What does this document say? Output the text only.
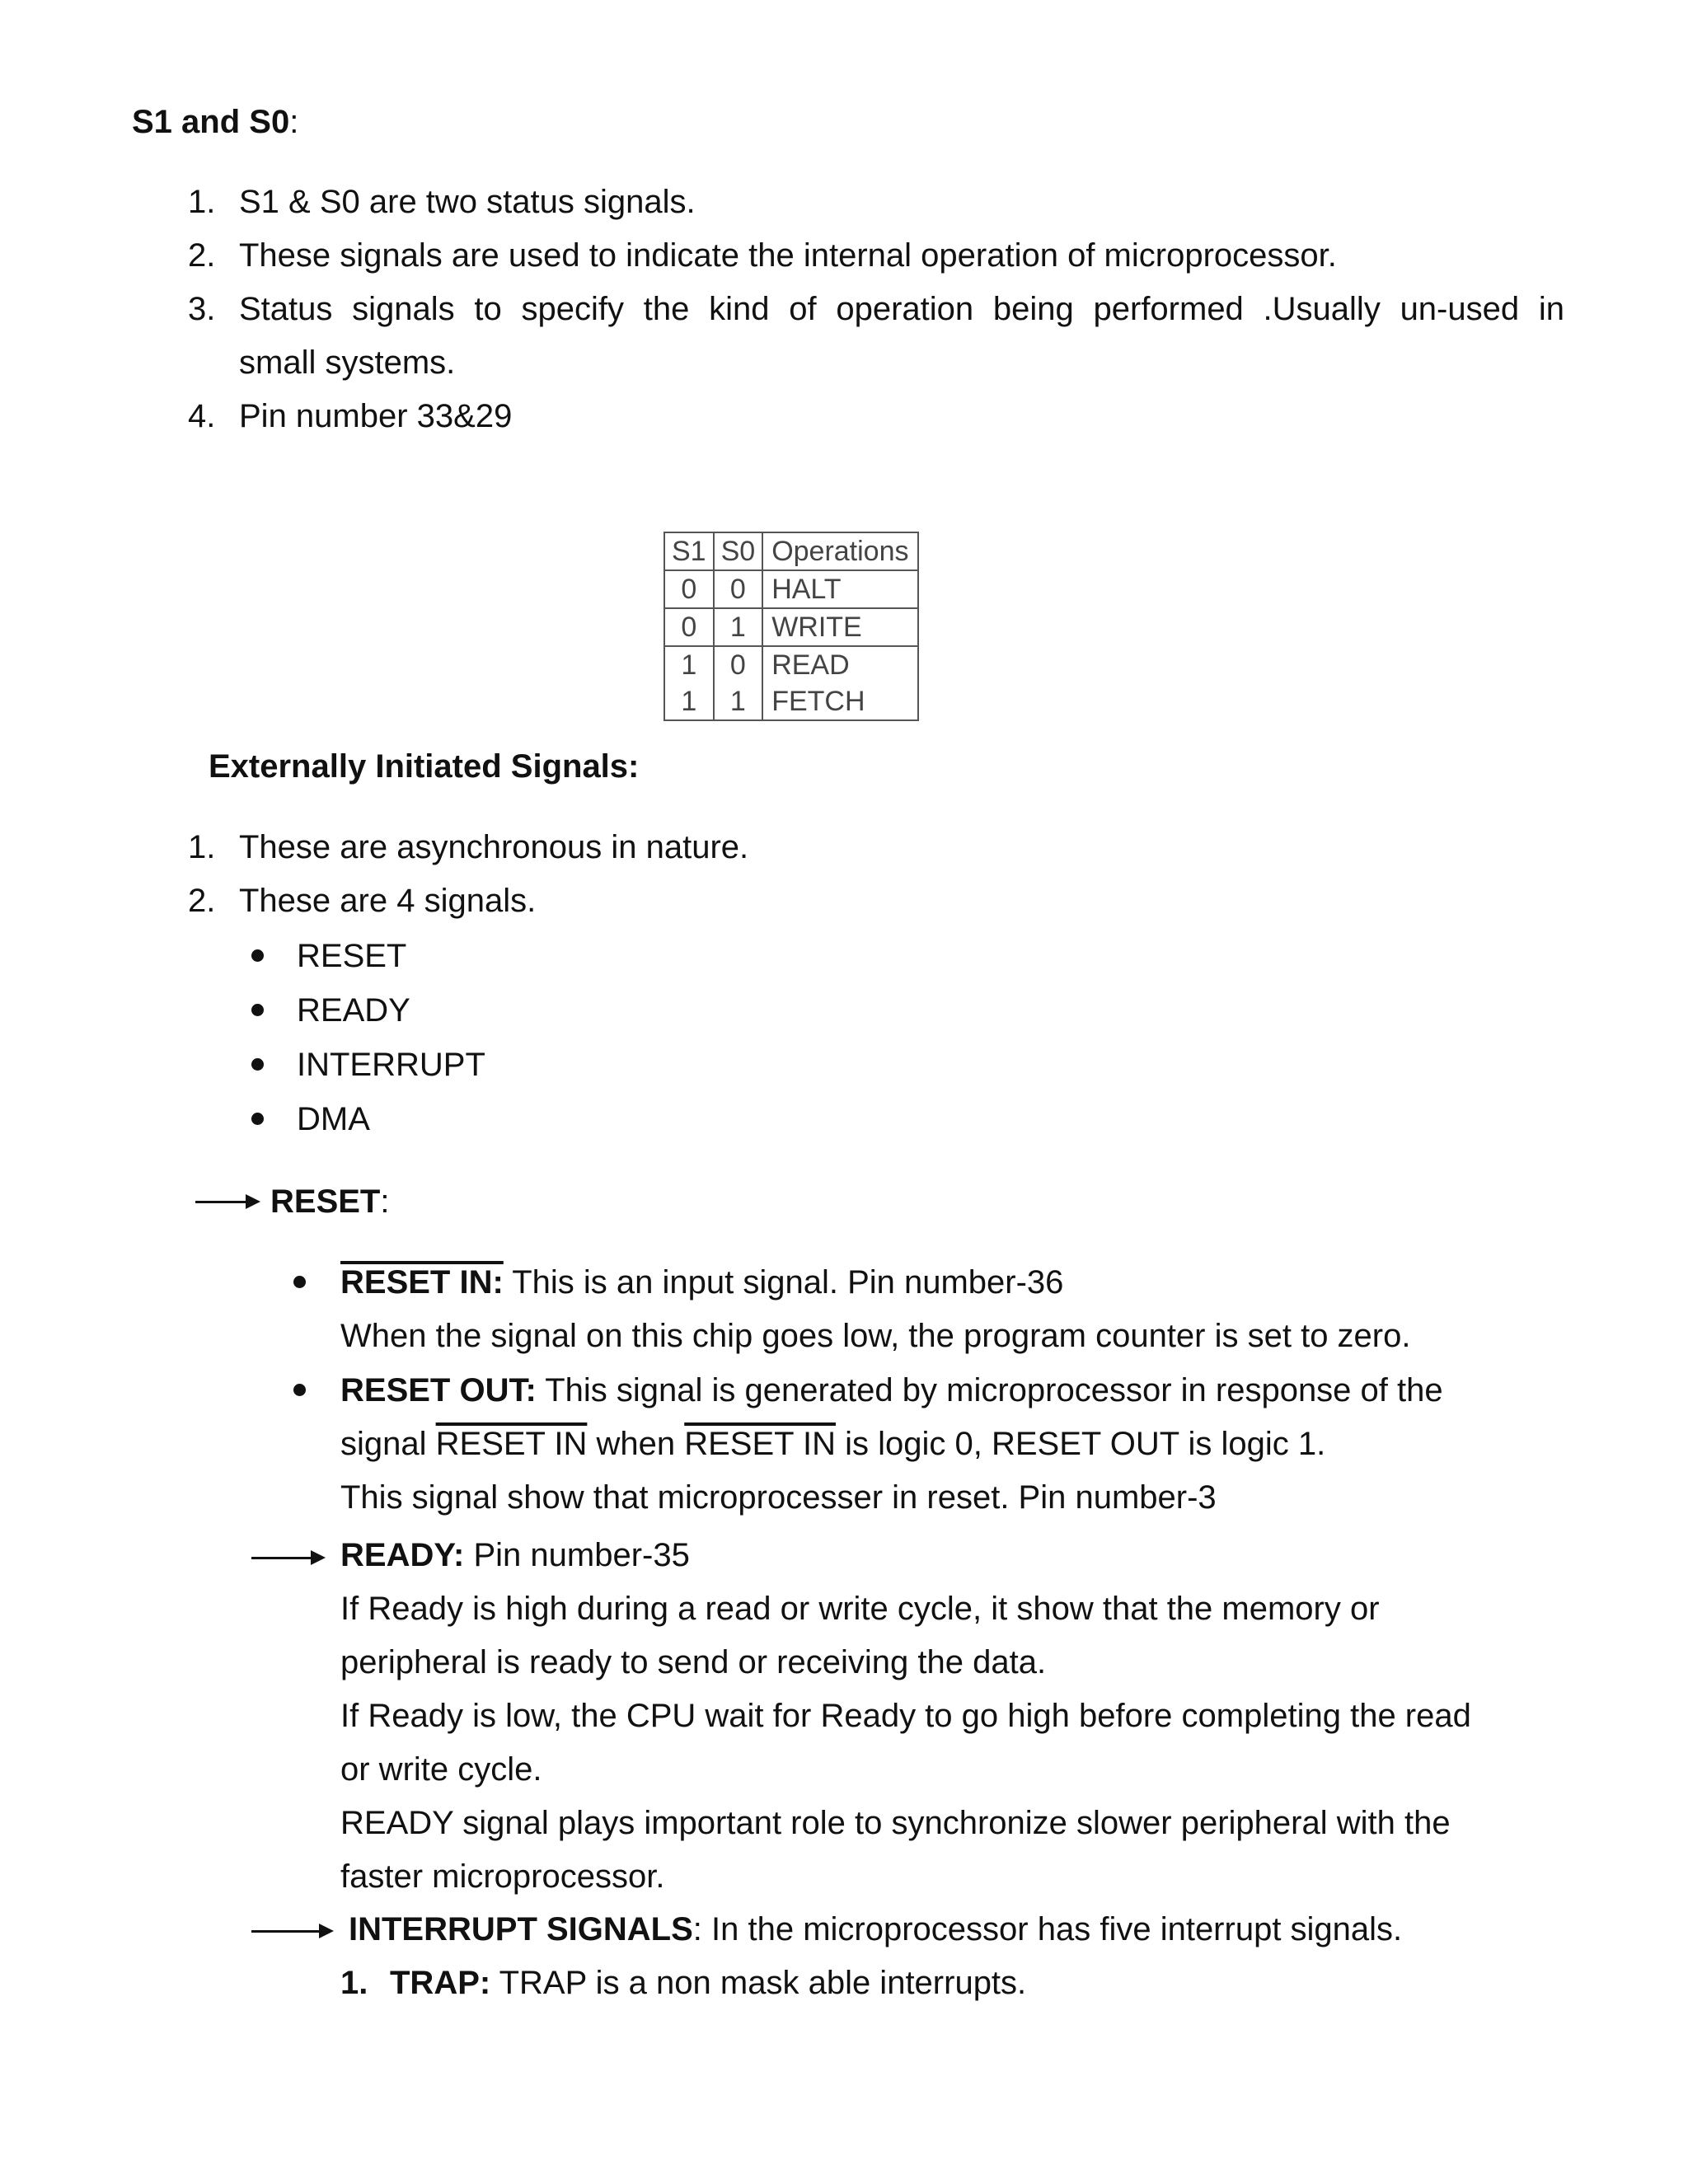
S1 and S0:
1. S1 & S0 are two status signals.
2. These signals are used to indicate the internal operation of microprocessor.
3. Status signals to specify the kind of operation being performed .Usually un-used in
small systems.
4. Pin number 33&29
S1	S0	Operations
0	0	HALT
0	1	WRITE
1	0	READ
1	1	FETCH
Externally Initiated Signals:
1. These are asynchronous in nature.
2. These are 4 signals.
RESET
READY
INTERRUPT
DMA
RESET:
RESET IN: This is an input signal. Pin number-36
When the signal on this chip goes low, the program counter is set to zero.
RESET OUT: This signal is generated by microprocessor in response of the
signal RESET IN when RESET IN is logic 0, RESET OUT is logic 1.
This signal show that microprocesser in reset. Pin number-3
READY: Pin number-35
If Ready is high during a read or write cycle, it show that the memory or
peripheral is ready to send or receiving the data.
If Ready is low, the CPU wait for Ready to go high before completing the read
or write cycle.
READY signal plays important role to synchronize slower peripheral with the
faster microprocessor.
INTERRUPT SIGNALS: In the microprocessor has five interrupt signals.
1. TRAP: TRAP is a non mask able interrupts.
